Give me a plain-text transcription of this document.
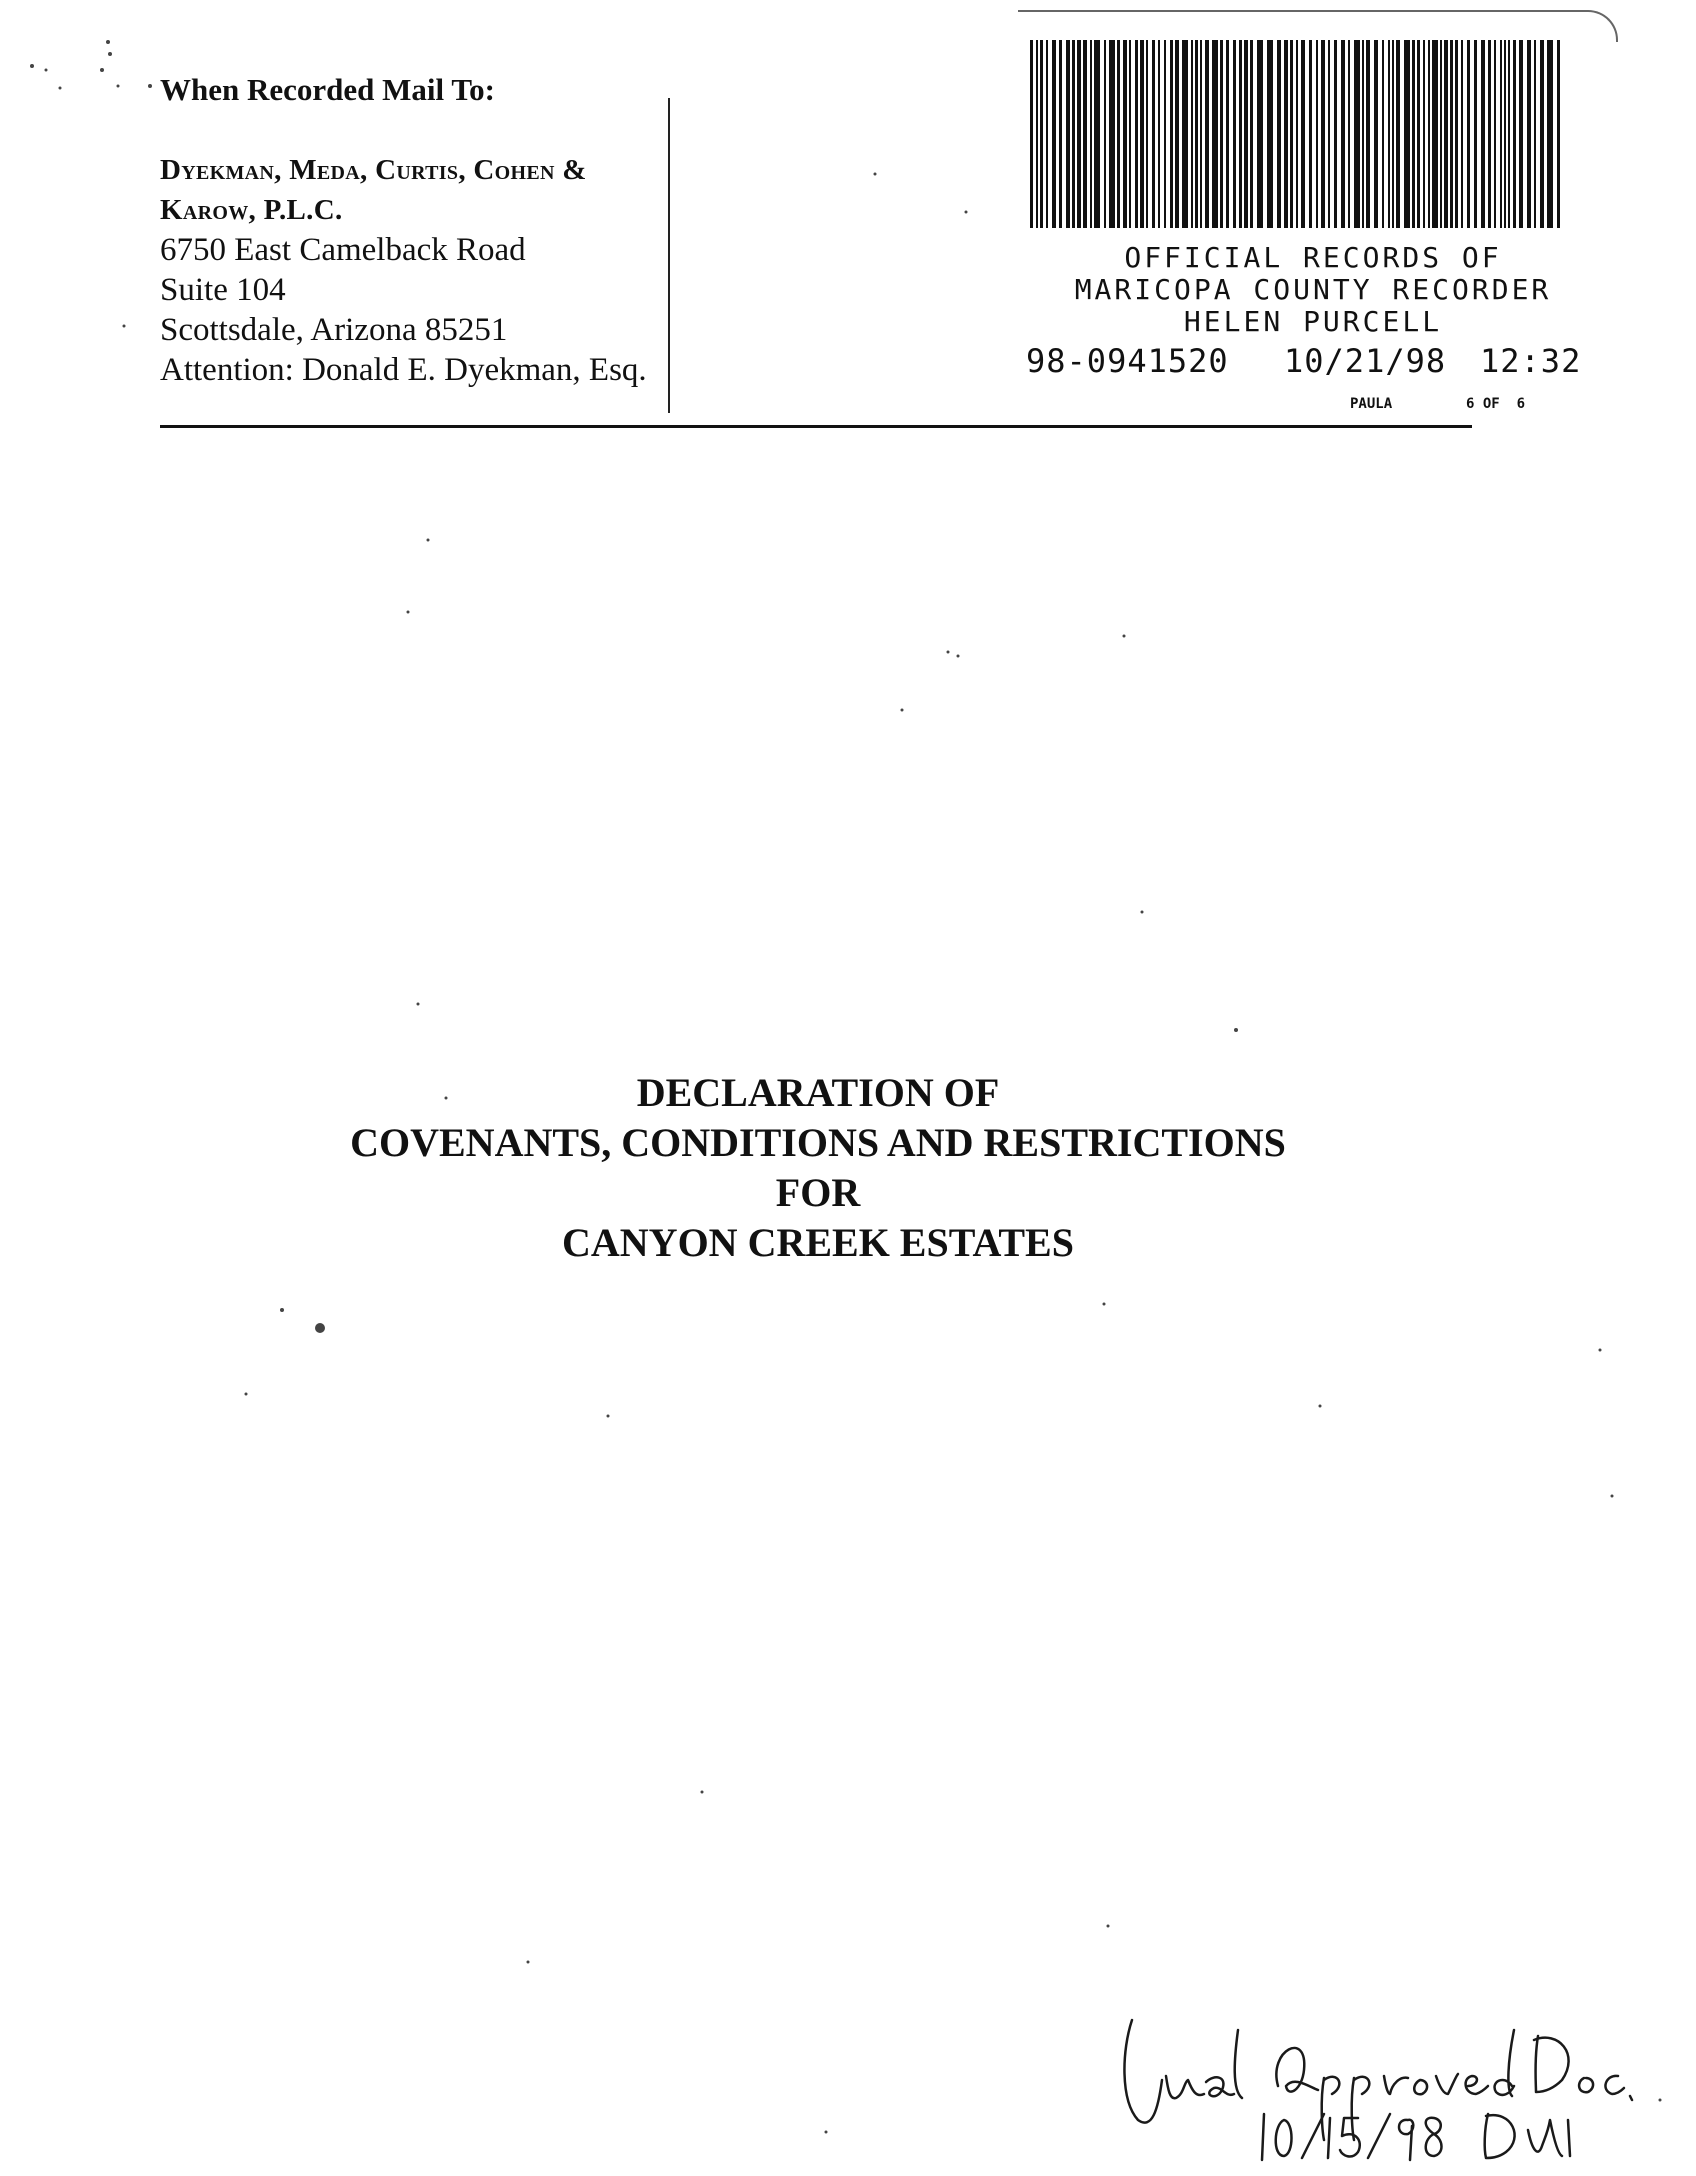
When Recorded Mail To:
Dyekman, Meda, Curtis, Cohen &
Karow, P.L.C.
6750 East Camelback Road
Suite 104
Scottsdale, Arizona 85251
Attention: Donald E. Dyekman, Esq.
OFFICIAL RECORDS OF
MARICOPA COUNTY RECORDER
HELEN PURCELL
98-0941520 10/21/98 12:32
PAULA	6 OF  6
DECLARATION OF
COVENANTS, CONDITIONS AND RESTRICTIONS
FOR
CANYON CREEK ESTATES
